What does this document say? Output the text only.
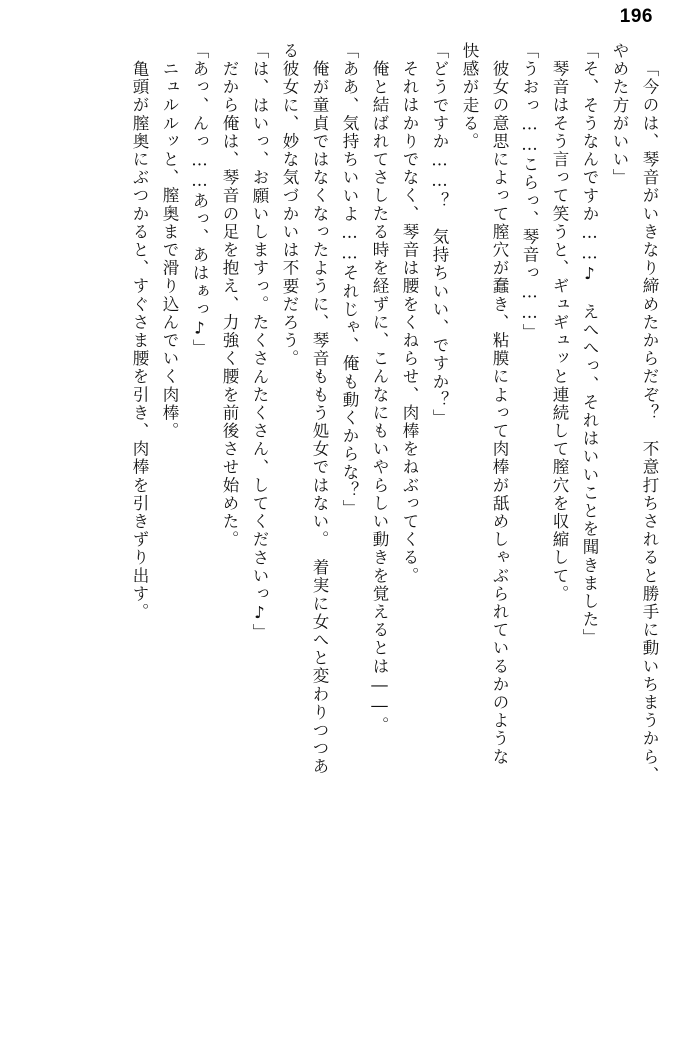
196
「今のは、琴音がいきなり締めたからだぞ？　不意打ちされると勝手に動いちまうから、
やめた方がいい」
「そ、そうなんですか……♪　えへへっ、それはいいことを聞きました」
琴音はそう言って笑うと、ギュギュッと連続して膣穴を収縮して。
「うおっ……こらっ、琴音っ……」
彼女の意思によって膣穴が蠢き、粘膜によって肉棒が舐めしゃぶられているかのような
快感が走る。
「どうですか……？　気持ちいい、ですか？」
それはかりでなく、琴音は腰をくねらせ、肉棒をねぶってくる。
俺と結ばれてさしたる時を経ずに、こんなにもいやらしい動きを覚えるとは――。
「ああ、気持ちいいよ……それじゃ、俺も動くからな？」
俺が童貞ではなくなったように、琴音ももう処女ではない。　着実に女へと変わりつつあ
る彼女に、妙な気づかいは不要だろう。
「は、はいっ、お願いしますっ。たくさんたくさん、してくださいっ♪」
だから俺は、琴音の足を抱え、力強く腰を前後させ始めた。
「あっ、んっ……あっ、あはぁっ♪」
ニュルルッと、膣奥まで滑り込んでいく肉棒。
亀頭が膣奥にぶつかると、すぐさま腰を引き、肉棒を引きずり出す。
